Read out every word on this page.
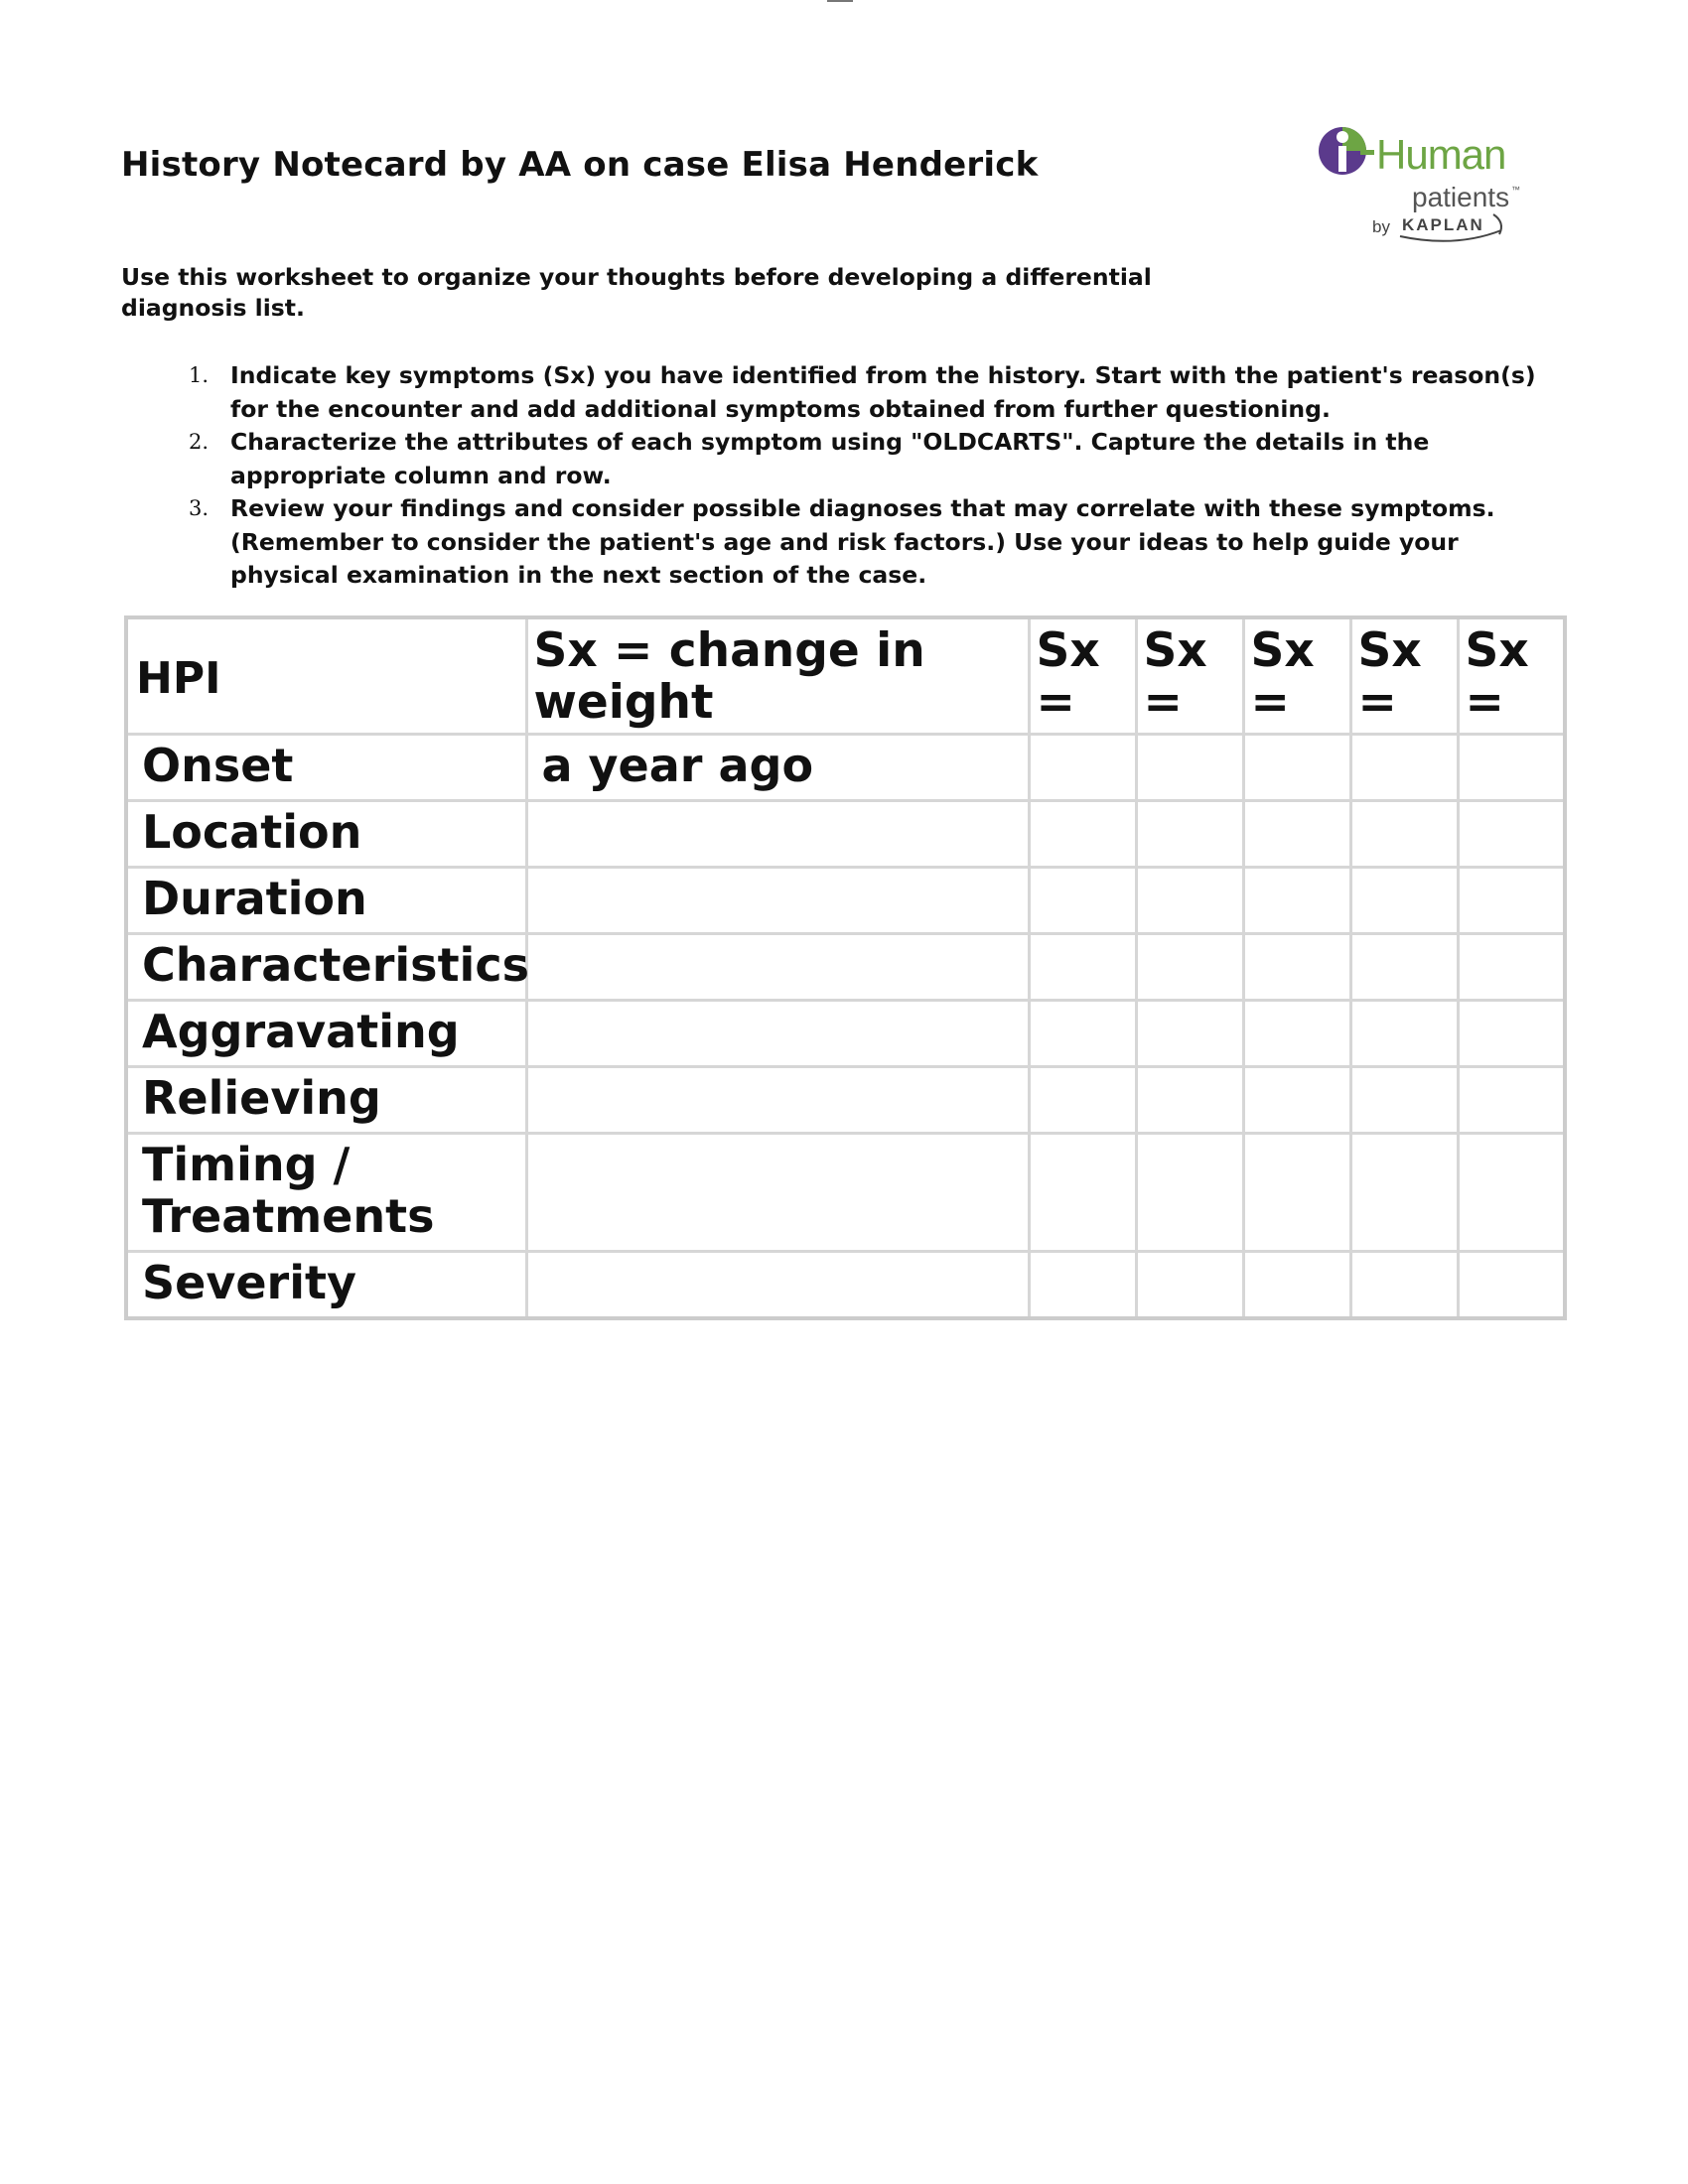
History Notecard by AA on case Elisa Henderick	Human
patients ™
by KAPLAN

Use this worksheet to organize your thoughts before developing a differential diagnosis list.

1. Indicate key symptoms (Sx) you have identified from the history. Start with the patient's reason(s) for the encounter and add additional symptoms obtained from further questioning.
2. Characterize the attributes of each symptom using "OLDCARTS". Capture the details in the appropriate column and row.
3. Review your findings and consider possible diagnoses that may correlate with these symptoms. (Remember to consider the patient's age and risk factors.) Use your ideas to help guide your physical examination in the next section of the case.
HPI	Sx = change in weight	Sx =	Sx =	Sx =	Sx =	Sx =
Onset	a year ago					
Location						
Duration						
Characteristics						
Aggravating						
Relieving						
Timing / Treatments						
Severity						
